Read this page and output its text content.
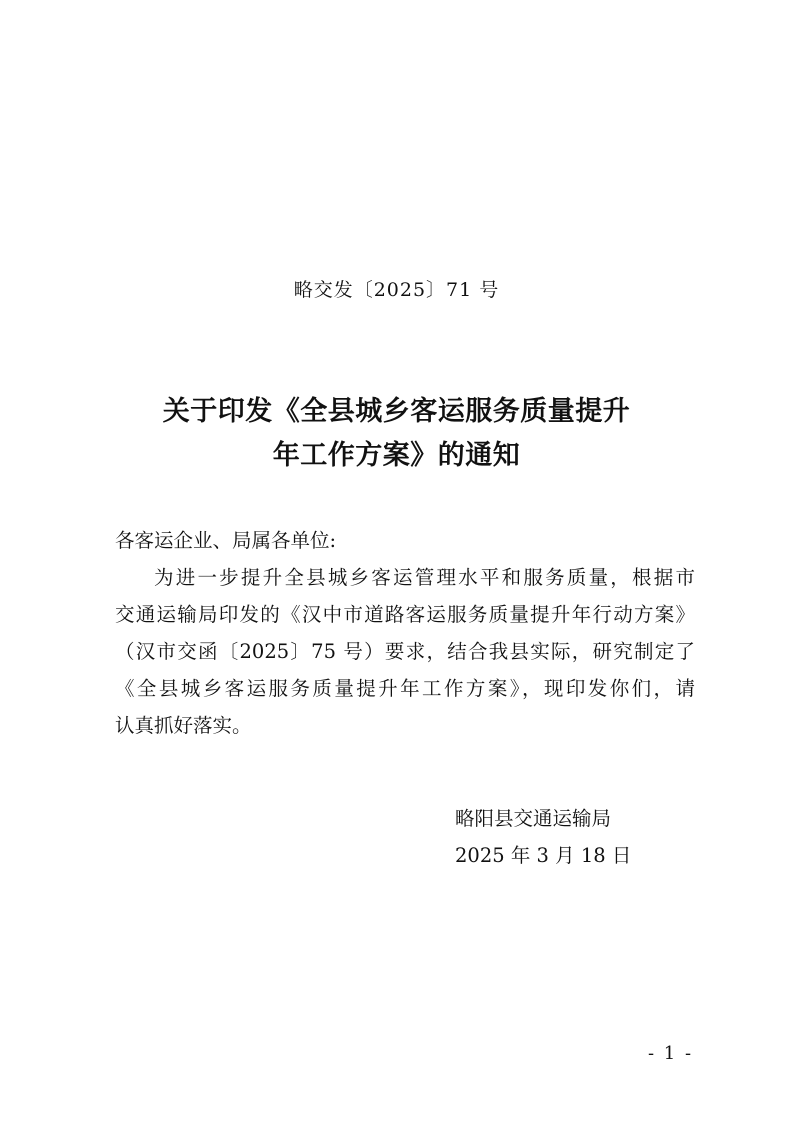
略交发〔2025〕71 号
关于印发《全县城乡客运服务质量提升
年工作方案》的通知
各客运企业、局属各单位:
为进一步提升全县城乡客运管理水平和服务质量，根据市
交通运输局印发的《汉中市道路客运服务质量提升年行动方案》
（汉市交函〔2025〕75 号）要求，结合我县实际，研究制定了
《全县城乡客运服务质量提升年工作方案》，现印发你们，请
认真抓好落实。
略阳县交通运输局
2025 年 3 月 18 日
- 1 -
